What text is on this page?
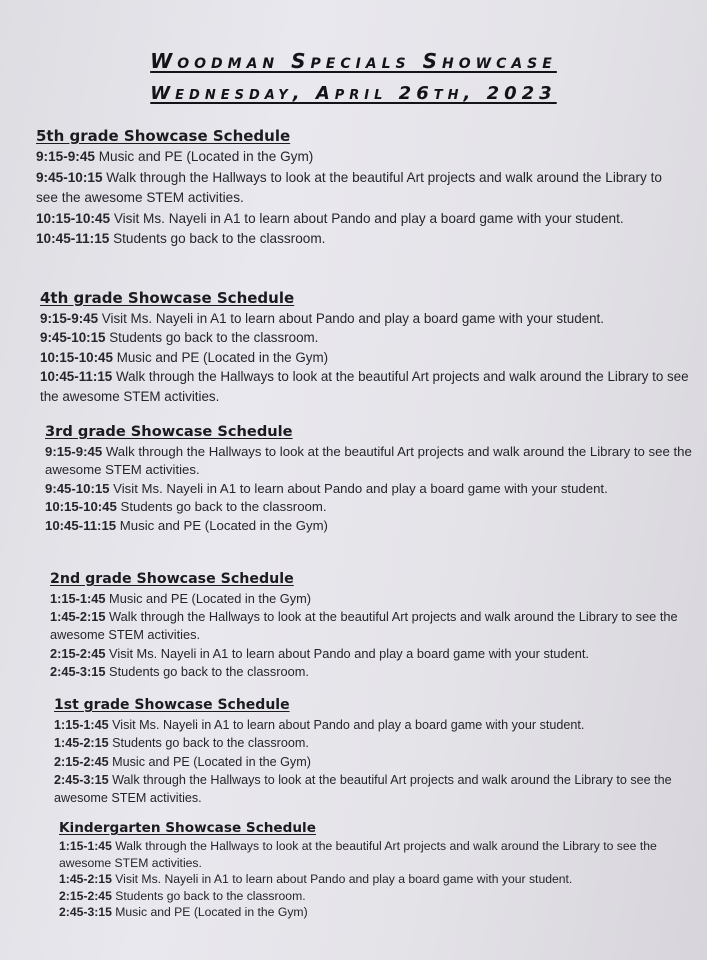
Woodman Specials Showcase
Wednesday, April 26th, 2023
5th grade Showcase Schedule

9:15-9:45 Music and PE (Located in the Gym)

9:45-10:15 Walk through the Hallways to look at the beautiful Art projects and walk around the Library to see the awesome STEM activities.

10:15-10:45 Visit Ms. Nayeli in A1 to learn about Pando and play a board game with your student.

10:45-11:15 Students go back to the classroom.

4th grade Showcase Schedule

9:15-9:45 Visit Ms. Nayeli in A1 to learn about Pando and play a board game with your student.

9:45-10:15 Students go back to the classroom.

10:15-10:45 Music and PE (Located in the Gym)

10:45-11:15 Walk through the Hallways to look at the beautiful Art projects and walk around the Library to see the awesome STEM activities.

3rd grade Showcase Schedule

9:15-9:45 Walk through the Hallways to look at the beautiful Art projects and walk around the Library to see the awesome STEM activities.

9:45-10:15 Visit Ms. Nayeli in A1 to learn about Pando and play a board game with your student.

10:15-10:45 Students go back to the classroom.

10:45-11:15 Music and PE (Located in the Gym)

2nd grade Showcase Schedule

1:15-1:45 Music and PE (Located in the Gym)

1:45-2:15 Walk through the Hallways to look at the beautiful Art projects and walk around the Library to see the awesome STEM activities.

2:15-2:45 Visit Ms. Nayeli in A1 to learn about Pando and play a board game with your student.

2:45-3:15 Students go back to the classroom.

1st grade Showcase Schedule

1:15-1:45 Visit Ms. Nayeli in A1 to learn about Pando and play a board game with your student.

1:45-2:15 Students go back to the classroom.

2:15-2:45 Music and PE (Located in the Gym)

2:45-3:15 Walk through the Hallways to look at the beautiful Art projects and walk around the Library to see the awesome STEM activities.

Kindergarten Showcase Schedule

1:15-1:45 Walk through the Hallways to look at the beautiful Art projects and walk around the Library to see the awesome STEM activities.

1:45-2:15 Visit Ms. Nayeli in A1 to learn about Pando and play a board game with your student.

2:15-2:45 Students go back to the classroom.

2:45-3:15 Music and PE (Located in the Gym)
